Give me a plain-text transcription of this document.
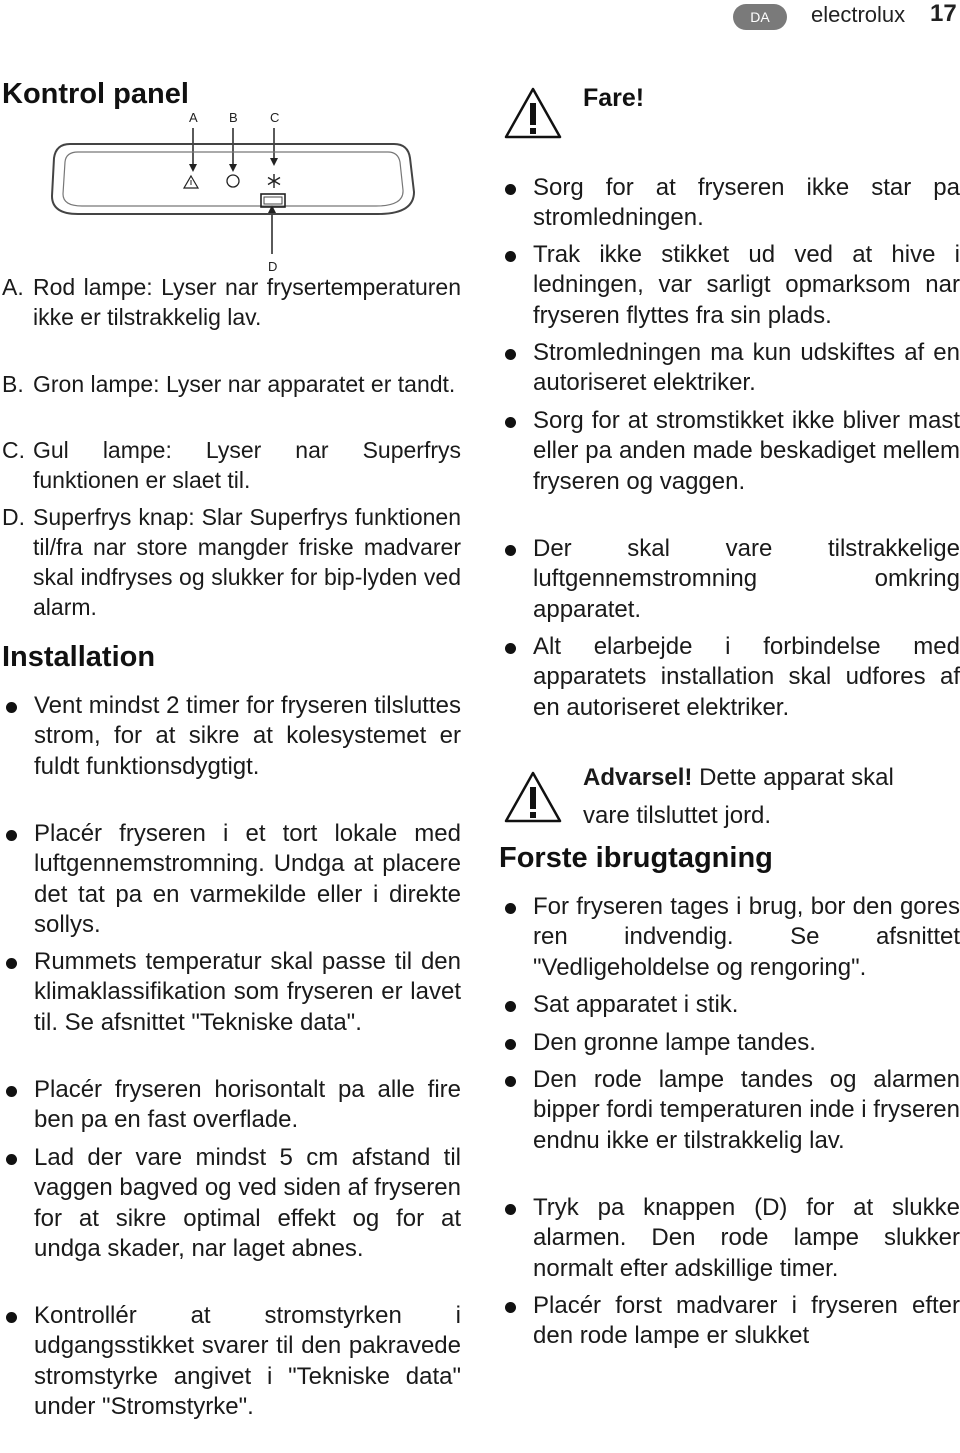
DA	electrolux 17
Kontrol panel
A B C
D

A. Rod lampe: Lyser nar frysertemperaturen ikke er tilstrakkelig lav.

B. Gron lampe: Lyser nar apparatet er tandt.

C. Gul lampe: Lyser nar Superfrys funktionen er slaet til.

D. Superfrys knap: Slar Superfrys funktionen til/fra nar store mangder friske madvarer skal indfryses og slukker for bip-lyden ved alarm.

Installation

Vent mindst 2 timer for fryseren tilsluttes strom, for at sikre at kolesystemet er fuldt funktionsdygtigt.

Placér fryseren i et tort lokale med luftgennemstromning. Undga at placere det tat pa en varmekilde eller i direkte sollys.

Rummets temperatur skal passe til den klimaklassifikation som fryseren er lavet til. Se afsnittet "Tekniske data".

Placér fryseren horisontalt pa alle fire ben pa en fast overflade.

Lad der vare mindst 5 cm afstand til vaggen bagved og ved siden af fryseren for at sikre optimal effekt og for at undga skader, nar laget abnes.

Kontrollér at stromstyrken i udgangsstikket svarer til den pakravede stromstyrke angivet i "Tekniske data" under "Stromstyrke".

Fare!

Sorg for at fryseren ikke star pa stromledningen.

Trak ikke stikket ud ved at hive i ledningen, var sarligt opmarksom nar fryseren flyttes fra sin plads.

Stromledningen ma kun udskiftes af en autoriseret elektriker.

Sorg for at stromstikket ikke bliver mast eller pa anden made beskadiget mellem fryseren og vaggen.

Der skal vare tilstrakkelige luftgennemstromning omkring apparatet.

Alt elarbejde i forbindelse med apparatets installation skal udfores af en autoriseret elektriker.

Advarsel! Dette apparat skal
vare tilsluttet jord.
Forste ibrugtagning

For fryseren tages i brug, bor den gores ren indvendig. Se afsnittet "Vedligeholdelse og rengoring".

Sat apparatet i stik.

Den gronne lampe tandes.

Den rode lampe tandes og alarmen bipper fordi temperaturen inde i fryseren endnu ikke er tilstrakkelig lav.

Tryk pa knappen (D) for at slukke alarmen. Den rode lampe slukker normalt efter adskillige timer.

Placér forst madvarer i fryseren efter den rode lampe er slukket
